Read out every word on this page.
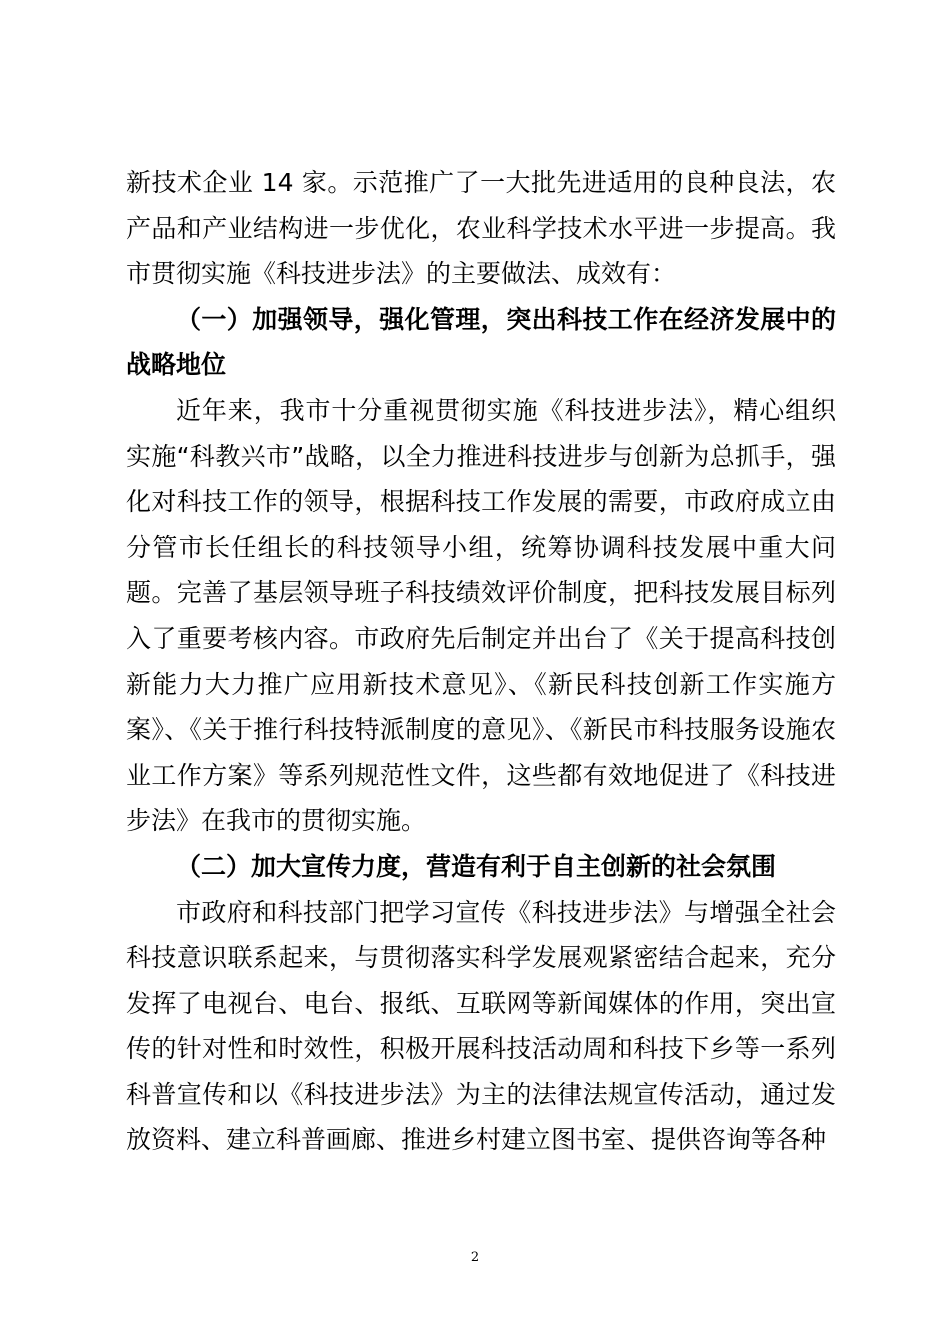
新技术企业 14 家。示范推广了一大批先进适用的良种良法，农产品和产业结构进一步优化，农业科学技术水平进一步提高。我市贯彻实施《科技进步法》的主要做法、成效有：

（一）加强领导，强化管理，突出科技工作在经济发展中的战略地位

近年来，我市十分重视贯彻实施《科技进步法》，精心组织实施“科教兴市”战略，以全力推进科技进步与创新为总抓手，强化对科技工作的领导，根据科技工作发展的需要，市政府成立由分管市长任组长的科技领导小组，统筹协调科技发展中重大问题。完善了基层领导班子科技绩效评价制度，把科技发展目标列入了重要考核内容。市政府先后制定并出台了《关于提高科技创新能力大力推广应用新技术意见》、《新民科技创新工作实施方案》、《关于推行科技特派制度的意见》、《新民市科技服务设施农业工作方案》等系列规范性文件，这些都有效地促进了《科技进步法》在我市的贯彻实施。

（二）加大宣传力度，营造有利于自主创新的社会氛围

市政府和科技部门把学习宣传《科技进步法》与增强全社会科技意识联系起来，与贯彻落实科学发展观紧密结合起来，充分发挥了电视台、电台、报纸、互联网等新闻媒体的作用，突出宣传的针对性和时效性，积极开展科技活动周和科技下乡等一系列科普宣传和以《科技进步法》为主的法律法规宣传活动，通过发放资料、建立科普画廊、推进乡村建立图书室、提供咨询等各种

2
